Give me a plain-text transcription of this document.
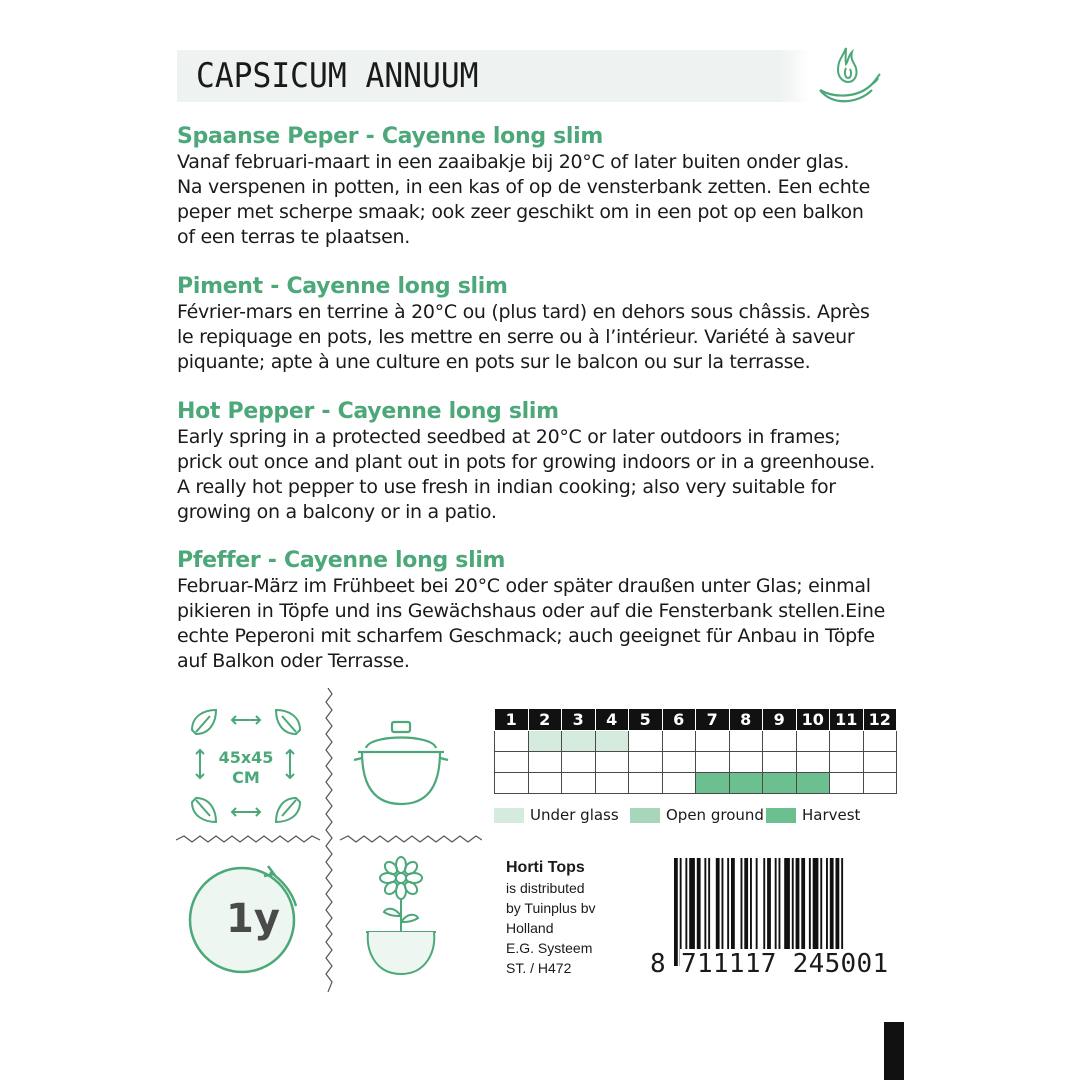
CAPSICUM ANNUUM
Spaanse Peper - Cayenne long slim
Vanaf februari-maart in een zaaibakje bij 20°C of later buiten onder glas.
Na verspenen in potten, in een kas of op de vensterbank zetten. Een echte
peper met scherpe smaak; ook zeer geschikt om in een pot op een balkon
of een terras te plaatsen.
Piment - Cayenne long slim
Février-mars en terrine à 20°C ou (plus tard) en dehors sous châssis. Après
le repiquage en pots, les mettre en serre ou à l’intérieur. Variété à saveur
piquante; apte à une culture en pots sur le balcon ou sur la terrasse.
Hot Pepper - Cayenne long slim
Early spring in a protected seedbed at 20°C or later outdoors in frames;
prick out once and plant out in pots for growing indoors or in a greenhouse.
A really hot pepper to use fresh in indian cooking; also very suitable for
growing on a balcony or in a patio.
Pfeffer - Cayenne long slim
Februar-März im Frühbeet bei 20°C oder später draußen unter Glas; einmal
pikieren in Töpfe und ins Gewächshaus oder auf die Fensterbank stellen.Eine
echte Peperoni mit scharfem Geschmack; auch geeignet für Anbau in Töpfe
auf Balkon oder Terrasse.
45x45
CM
1y
1	2	3	4	5	6	7	8	9	10	11	12

Under glass	Open ground	Harvest
Horti Tops
is distributed
by Tuinplus bv
Holland
E.G. Systeem
ST. / H472	8 711117 245001
